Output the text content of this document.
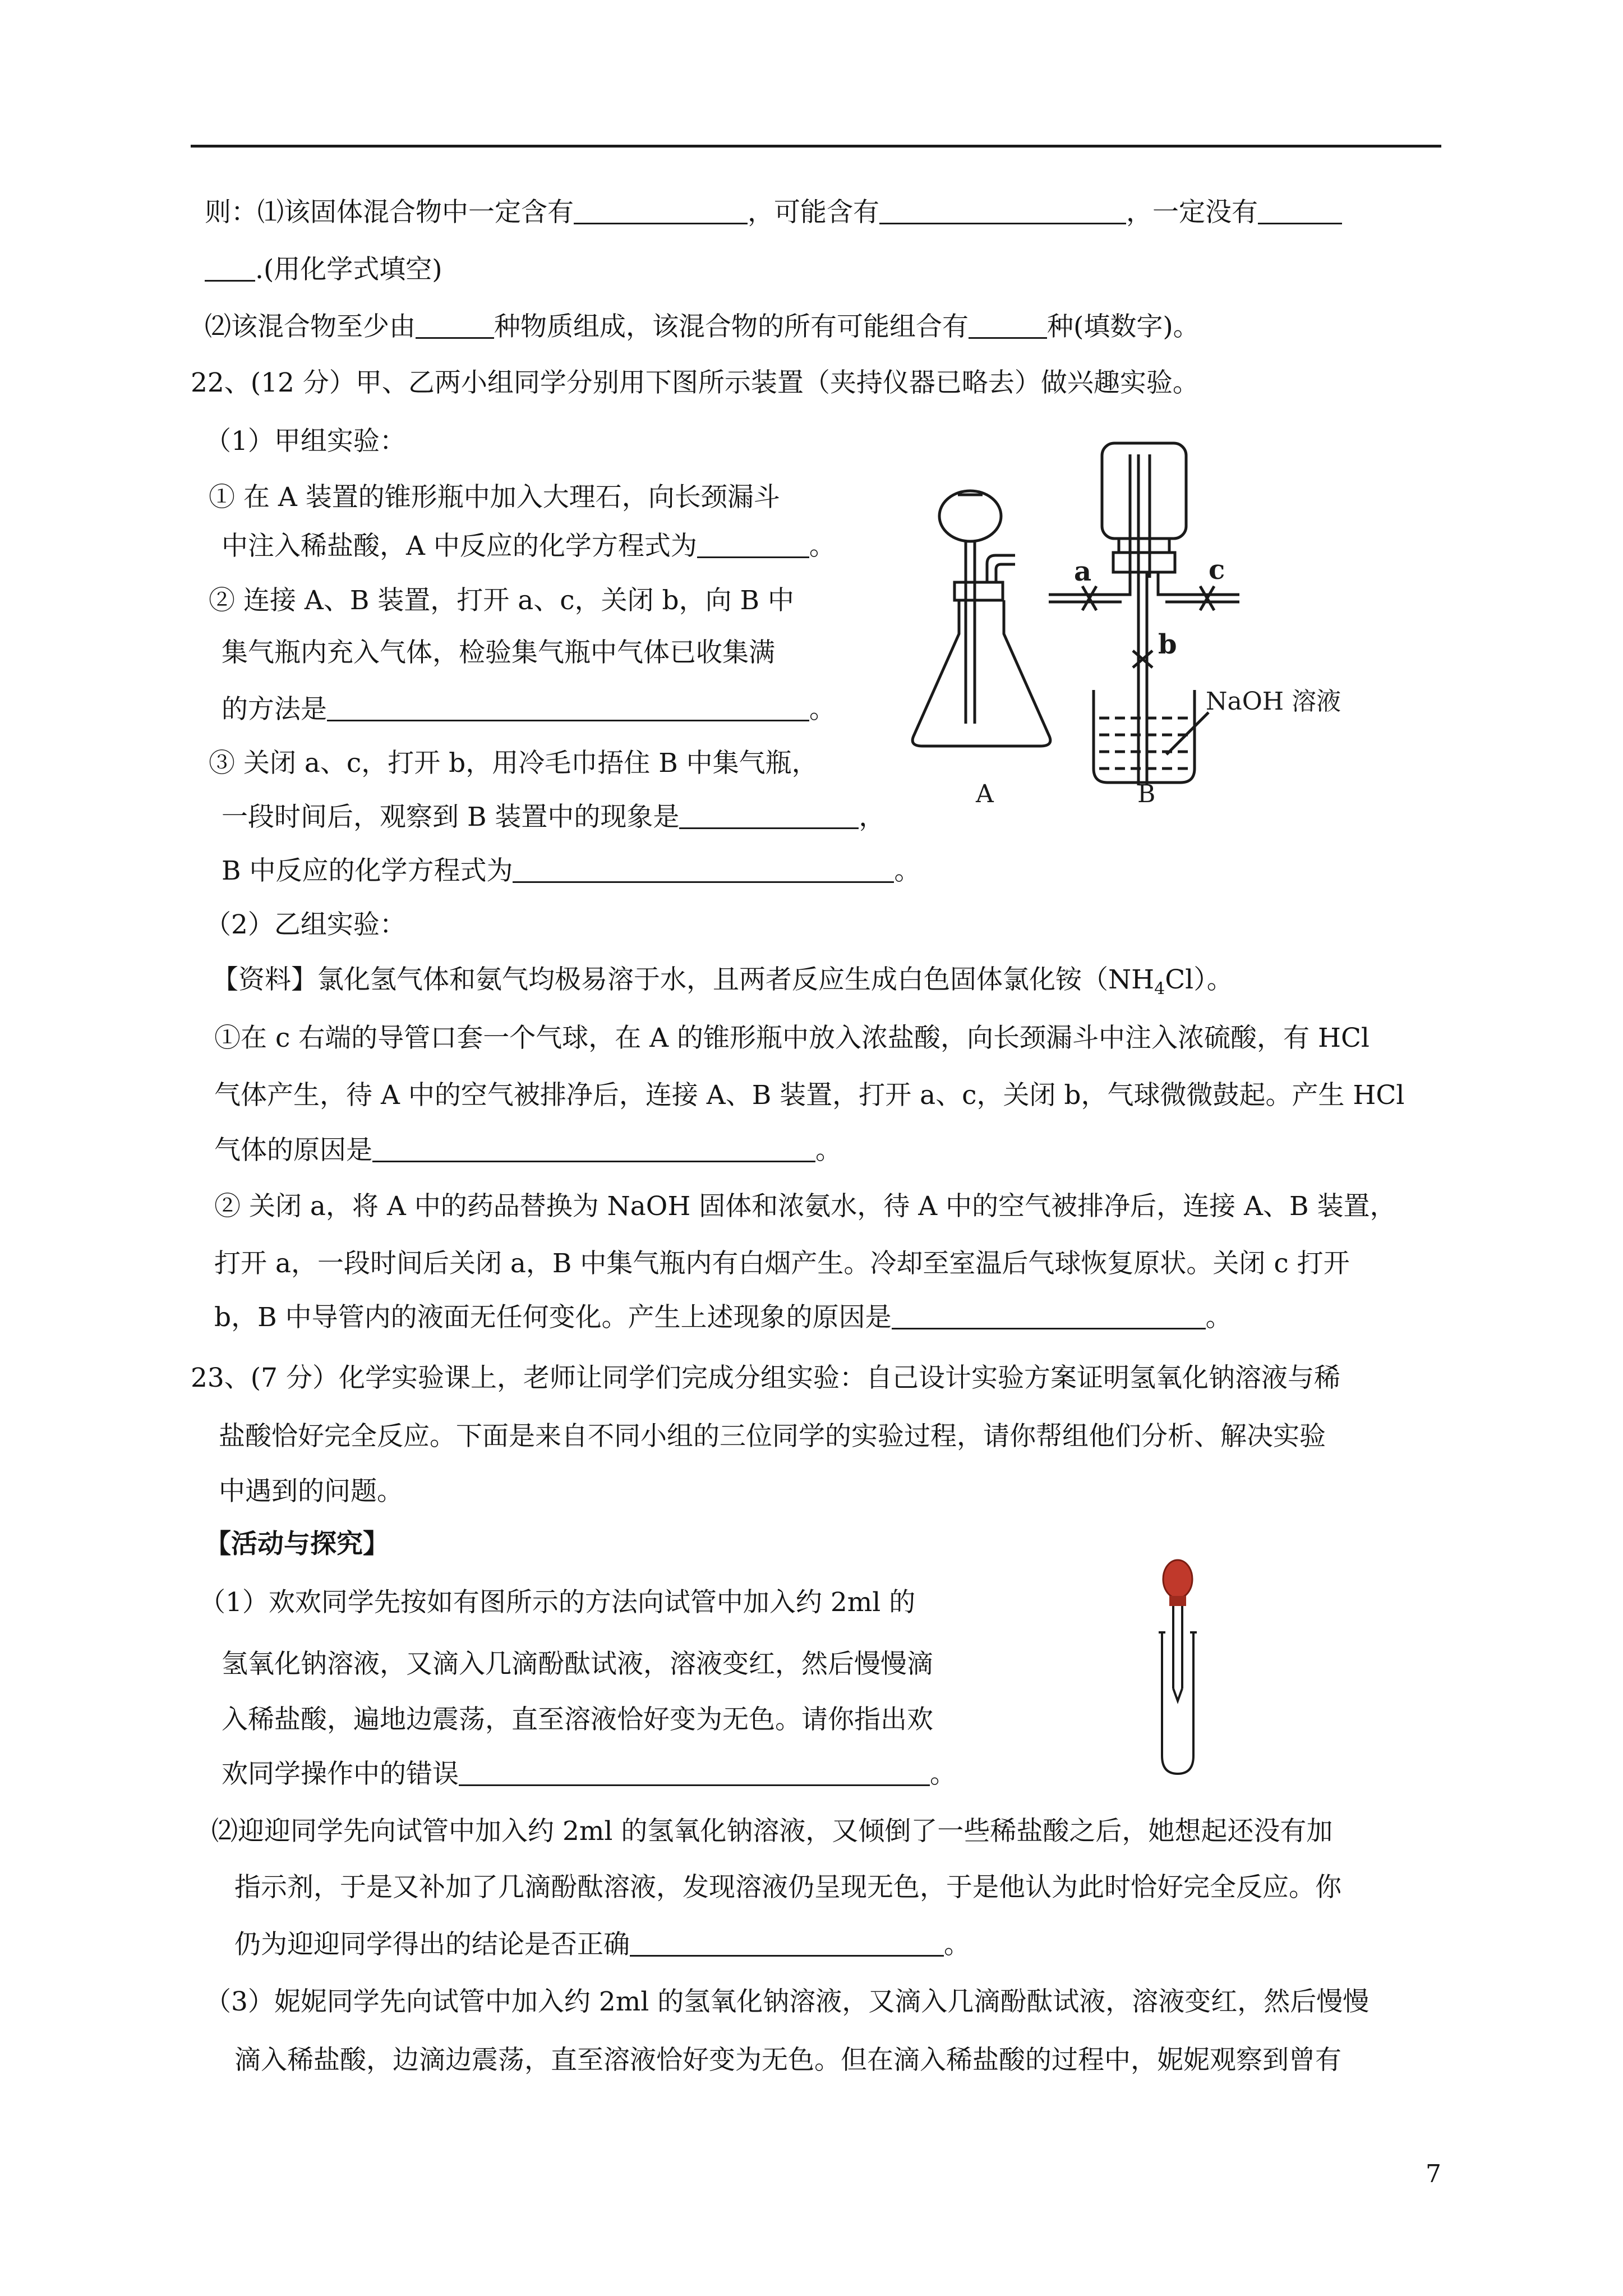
则：⑴该固体混合物中一定含有	，可能含有	，一定没有
.(用化学式填空)
⑵该混合物至少由	种物质组成，该混合物的所有可能组合有	种(填数字)。
22、(12 分）甲、乙两小组同学分别用下图所示装置（夹持仪器已略去）做兴趣实验。
（1）甲组实验：
① 在 A 装置的锥形瓶中加入大理石，向长颈漏斗
中注入稀盐酸，A 中反应的化学方程式为	。
② 连接 A、B 装置，打开 a、c，关闭 b，向 B 中
集气瓶内充入气体，检验集气瓶中气体已收集满
的方法是	。
③ 关闭 a、c，打开 b，用冷毛巾捂住 B 中集气瓶，
一段时间后，观察到 B 装置中的现象是	，
B 中反应的化学方程式为	。
A	B
a	c
b
NaOH 溶液
（2）乙组实验：
【资料】氯化氢气体和氨气均极易溶于水，且两者反应生成白色固体氯化铵$(NH_4Cl)$。
①在 c 右端的导管口套一个气球，在 A 的锥形瓶中放入浓盐酸，向长颈漏斗中注入浓硫酸，有 HCl
气体产生，待 A 中的空气被排净后，连接 A、B 装置，打开 a、c，关闭 b，气球微微鼓起。产生 HCl
气体的原因是	。
② 关闭 a，将 A 中的药品替换为 NaOH 固体和浓氨水，待 A 中的空气被排净后，连接 A、B 装置，
打开 a，一段时间后关闭 a，B 中集气瓶内有白烟产生。冷却至室温后气球恢复原状。关闭 c 打开
b，B 中导管内的液面无任何变化。产生上述现象的原因是	。
23、(7 分）化学实验课上，老师让同学们完成分组实验：自己设计实验方案证明氢氧化钠溶液与稀
盐酸恰好完全反应。下面是来自不同小组的三位同学的实验过程，请你帮组他们分析、解决实验
中遇到的问题。
【活动与探究】
（1）欢欢同学先按如有图所示的方法向试管中加入约 2ml 的
氢氧化钠溶液，又滴入几滴酚酞试液，溶液变红，然后慢慢滴
入稀盐酸，遍地边震荡，直至溶液恰好变为无色。请你指出欢
欢同学操作中的错误	。
⑵迎迎同学先向试管中加入约 2ml 的氢氧化钠溶液，又倾倒了一些稀盐酸之后，她想起还没有加
指示剂，于是又补加了几滴酚酞溶液，发现溶液仍呈现无色，于是他认为此时恰好完全反应。你
仍为迎迎同学得出的结论是否正确	。
（3）妮妮同学先向试管中加入约 2ml 的氢氧化钠溶液，又滴入几滴酚酞试液，溶液变红，然后慢慢
滴入稀盐酸，边滴边震荡，直至溶液恰好变为无色。但在滴入稀盐酸的过程中，妮妮观察到曾有
7
